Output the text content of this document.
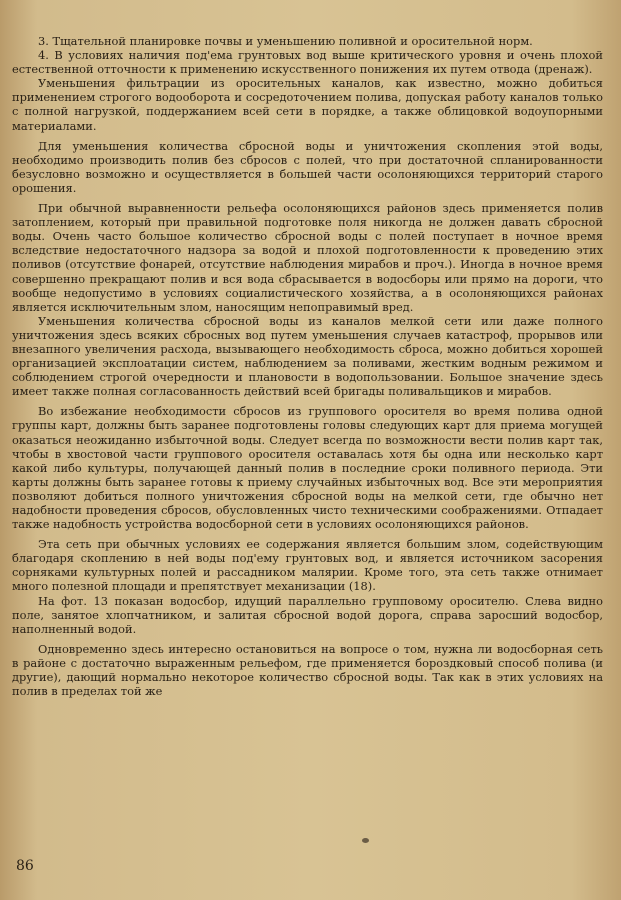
3. Тщательной планировке почвы и уменьшению поливной и оросительной норм.

4. В условиях наличия под'ема грунтовых вод выше критического уровня и очень плохой естественной отточности к применению искусственного понижения их путем отвода (дренаж).

Уменьшения фильтрации из оросительных каналов, как известно, можно добиться применением строгого водооборота и сосредоточением полива, допуская работу каналов только с полной нагрузкой, поддержанием всей сети в порядке, а также облицовкой водоупорными материалами.

Для уменьшения количества сбросной воды и уничтожения скопления этой воды, необходимо производить полив без сбросов с полей, что при достаточной спланированности безусловно возможно и осуществляется в большей части осолоняющихся территорий старого орошения.

При обычной выравненности рельефа осолоняющихся районов здесь применяется полив затоплением, который при правильной подготовке поля никогда не должен давать сбросной воды. Очень часто большое количество сбросной воды с полей поступает в ночное время вследствие недостаточного надзора за водой и плохой подготовленности к проведению этих поливов (отсутствие фонарей, отсутствие наблюдения мирабов и проч.). Иногда в ночное время совершенно прекращают полив и вся вода сбрасывается в водосборы или прямо на дороги, что вообще недопустимо в условиях социалистического хозяйства, а в осолоняющихся районах является исключительным злом, наносящим непоправимый вред.

Уменьшения количества сбросной воды из каналов мелкой сети или даже полного уничтожения здесь всяких сбросных вод путем уменьшения случаев катастроф, прорывов или внезапного увеличения расхода, вызывающего необходимость сброса, можно добиться хорошей организацией эксплоатации систем, наблюдением за поливами, жестким водным режимом и соблюдением строгой очередности и плановости в водопользовании. Большое значение здесь имеет также полная согласованность действий всей бригады поливальщиков и мирабов.

Во избежание необходимости сбросов из группового оросителя во время полива одной группы карт, должны быть заранее подготовлены головы следующих карт для приема могущей оказаться неожиданно избыточной воды. Следует всегда по возможности вести полив карт так, чтобы в хвостовой части группового оросителя оставалась хотя бы одна или несколько карт какой либо культуры, получающей данный полив в последние сроки поливного периода. Эти карты должны быть заранее готовы к приему случайных избыточных вод. Все эти мероприятия позволяют добиться полного уничтожения сбросной воды на мелкой сети, где обычно нет надобности проведения сбросов, обусловленных чисто техническими соображениями. Отпадает также надобность устройства водосборной сети в условиях осолоняющихся районов.

Эта сеть при обычных условиях ее содержания является большим злом, содействующим благодаря скоплению в ней воды под'ему грунтовых вод, и является источником засорения сорняками культурных полей и рассадником малярии. Кроме того, эта сеть также отнимает много полезной площади и препятствует механизации (18).

На фот. 13 показан водосбор, идущий параллельно групповому оросителю. Слева видно поле, занятое хлопчатником, и залитая сбросной водой дорога, справа заросший водосбор, наполненный водой.

Одновременно здесь интересно остановиться на вопросе о том, нужна ли водосборная сеть в районе с достаточно выраженным рельефом, где применяется бороздковый способ полива (и другие), дающий нормально некоторое количество сбросной воды. Так как в этих условиях на полив в пределах той же

86
